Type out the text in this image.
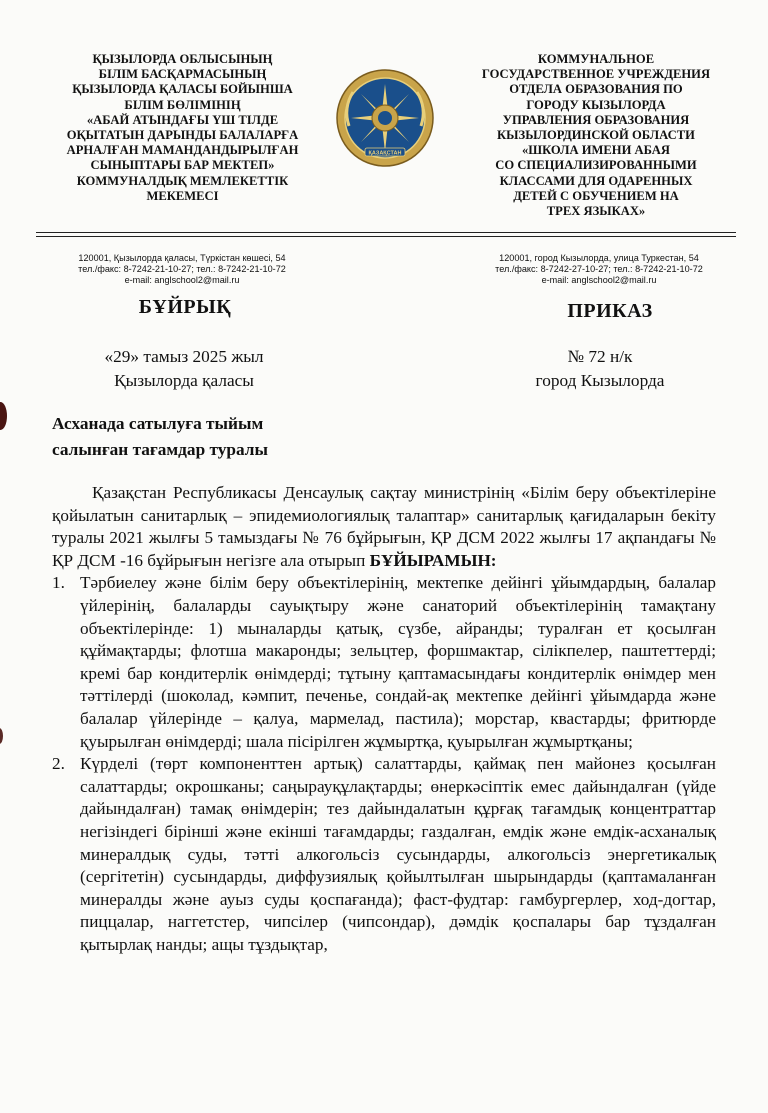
ҚЫЗЫЛОРДА ОБЛЫСЫНЫҢ
БІЛІМ БАСҚАРМАСЫНЫҢ
ҚЫЗЫЛОРДА ҚАЛАСЫ БОЙЫНША
БІЛІМ БӨЛІМІНІҢ
«АБАЙ АТЫНДАҒЫ ҮШ ТІЛДЕ
ОҚЫТАТЫН ДАРЫНДЫ БАЛАЛАРҒА
АРНАЛҒАН МАМАНДАНДЫРЫЛҒАН
СЫНЫПТАРЫ БАР МЕКТЕП»
КОММУНАЛДЫҚ МЕМЛЕКЕТТІК
МЕКЕМЕСІ
ҚАЗАҚСТАН
КОММУНАЛЬНОЕ
ГОСУДАРСТВЕННОЕ УЧРЕЖДЕНИЯ
ОТДЕЛА ОБРАЗОВАНИЯ ПО
ГОРОДУ КЫЗЫЛОРДА
УПРАВЛЕНИЯ ОБРАЗОВАНИЯ
КЫЗЫЛОРДИНСКОЙ ОБЛАСТИ
«ШКОЛА ИМЕНИ АБАЯ
СО СПЕЦИАЛИЗИРОВАННЫМИ
КЛАССАМИ ДЛЯ ОДАРЕННЫХ
ДЕТЕЙ С ОБУЧЕНИЕМ НА
ТРЕХ ЯЗЫКАХ»
120001, Қызылорда қаласы, Түркістан көшесі, 54
тел./факс: 8-7242-21-10-27; тел.: 8-7242-21-10-72
e-mail: anglschool2@mail.ru
120001, город Кызылорда, улица Туркестан, 54
тел./факс: 8-7242-27-10-27; тел.: 8-7242-21-10-72
e-mail: anglschool2@mail.ru
БҰЙРЫҚ	ПРИКАЗ
«29» тамыз 2025 жыл
Қызылорда қаласы
№ 72 н/к
город Кызылорда
Асханада сатылуға тыйым
салынған тағамдар туралы

Қазақстан Республикасы Денсаулық сақтау министрінің «Білім беру объектілеріне қойылатын санитарлық – эпидемиологиялық талаптар» санитарлық қағидаларын бекіту туралы 2021 жылғы 5 тамыздағы № 76 бұйрығын, ҚР ДСМ 2022 жылғы 17 ақпандағы № ҚР ДСМ -16 бұйрығын негізге ала отырып БҰЙЫРАМЫН:

1. Тәрбиелеу және білім беру объектілерінің, мектепке дейінгі ұйымдардың, балалар үйлерінің, балаларды сауықтыру және санаторий объектілерінің тамақтану объектілерінде: 1) мыналарды қатық, сүзбе, айранды; туралған ет қосылған құймақтарды; флотша макаронды; зельцтер, форшмактар, сілікпелер, паштеттерді; кремі бар кондитерлік өнімдерді; тұтыну қаптамасындағы кондитерлік өнімдер мен тәттілерді (шоколад, кәмпит, печенье, сондай-ақ мектепке дейінгі ұйымдарда және балалар үйлерінде – қалуа, мармелад, пастила); морстар, квастарды; фритюрде қуырылған өнімдерді; шала пісірілген жұмыртқа, қуырылған жұмыртқаны;
2. Күрделі (төрт компоненттен артық) салаттарды, қаймақ пен майонез қосылған салаттарды; окрошканы; саңырауқұлақтарды; өнеркәсіптік емес дайындалған (үйде дайындалған) тамақ өнімдерін; тез дайындалатын құрғақ тағамдық концентраттар негізіндегі бірінші және екінші тағамдарды; газдалған, емдік және емдік-асханалық минералдық суды, тәтті алкогольсіз сусындарды, алкогольсіз энергетикалық (сергітетін) сусындарды, диффузиялық қойылтылған шырындарды (қаптамаланған минералды және ауыз суды қоспағанда); фаст-фудтар: гамбургерлер, ход-догтар, пиццалар, наггетстер, чипсілер (чипсондар), дәмдік қоспалары бар тұздалған қытырлақ нанды; ащы тұздықтар,
